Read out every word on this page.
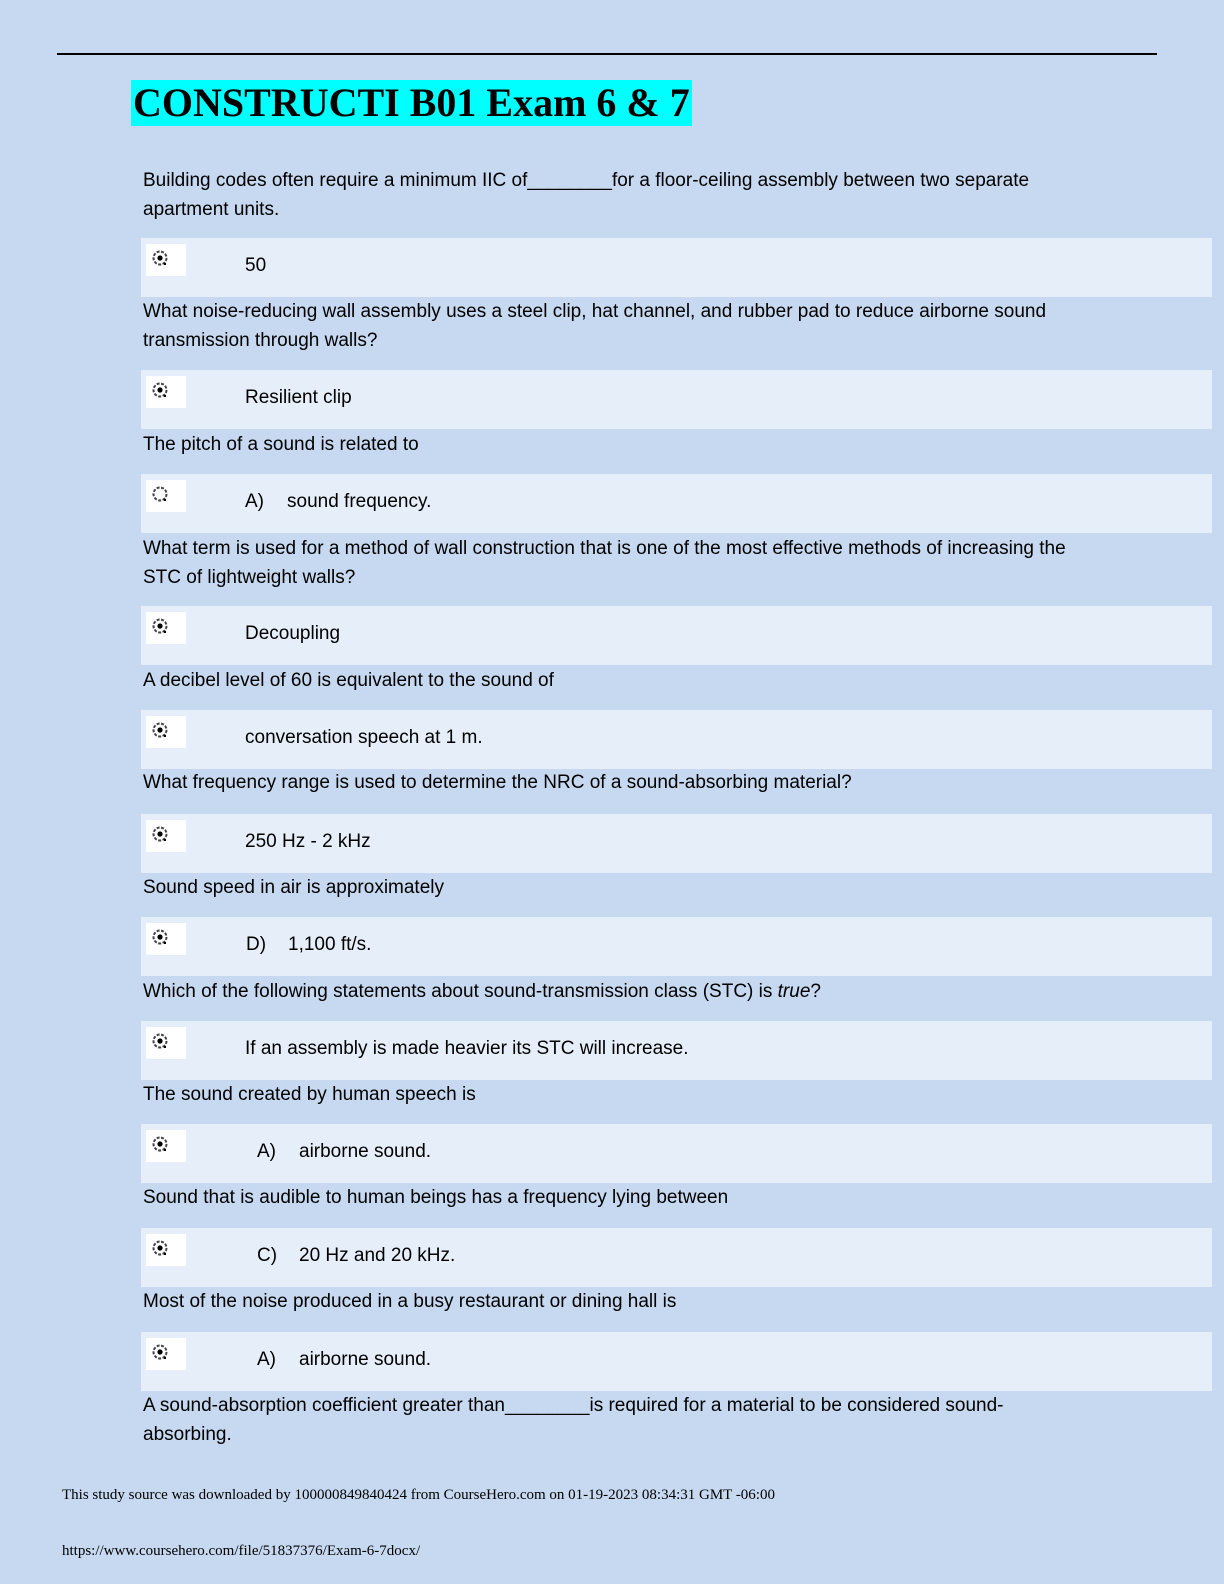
CONSTRUCTI B01 Exam 6 & 7
Building codes often require a minimum IIC of________for a floor-ceiling assembly between two separate apartment units.
50
What noise-reducing wall assembly uses a steel clip, hat channel, and rubber pad to reduce airborne sound transmission through walls?
Resilient clip
The pitch of a sound is related to
A) sound frequency.
What term is used for a method of wall construction that is one of the most effective methods of increasing the STC of lightweight walls?
Decoupling
A decibel level of 60 is equivalent to the sound of
conversation speech at 1 m.
What frequency range is used to determine the NRC of a sound-absorbing material?
250 Hz - 2 kHz
Sound speed in air is approximately
D) 1,100 ft/s.
Which of the following statements about sound-transmission class (STC) is true?
If an assembly is made heavier its STC will increase.
The sound created by human speech is
A) airborne sound.
Sound that is audible to human beings has a frequency lying between
C) 20 Hz and 20 kHz.
Most of the noise produced in a busy restaurant or dining hall is
A) airborne sound.
A sound-absorption coefficient greater than________is required for a material to be considered sound-absorbing.
This study source was downloaded by 100000849840424 from CourseHero.com on 01-19-2023 08:34:31 GMT -06:00
https://www.coursehero.com/file/51837376/Exam-6-7docx/
